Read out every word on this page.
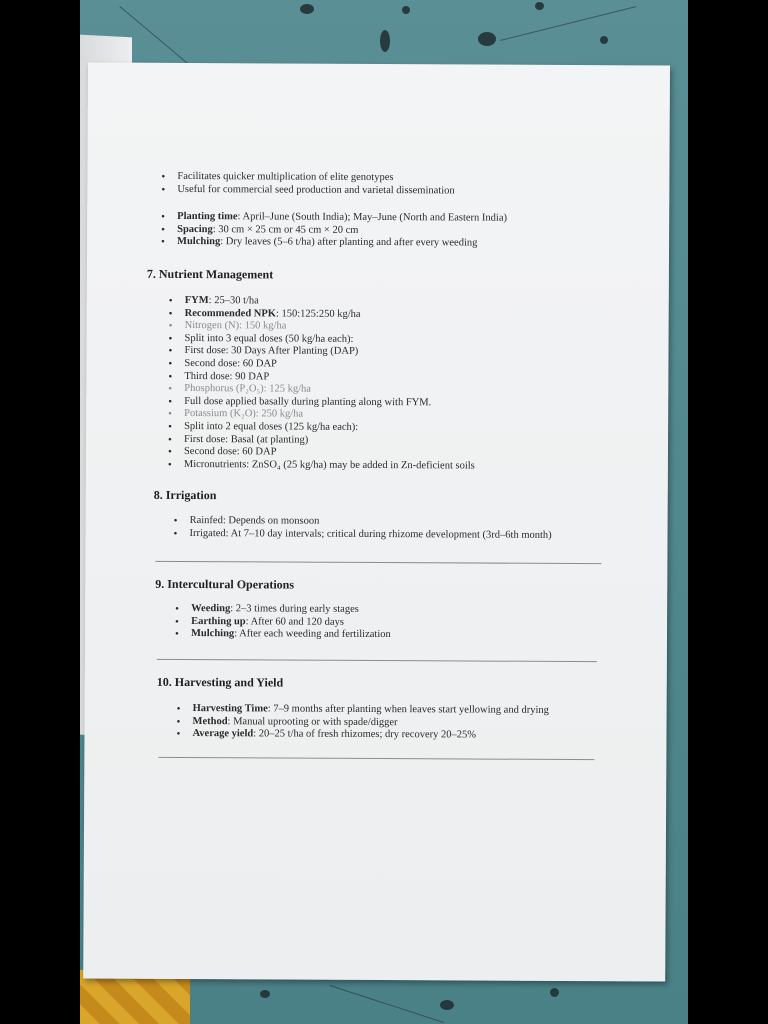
• Facilitates quicker multiplication of elite genotypes
• Useful for commercial seed production and varietal dissemination
• Planting time: April–June (South India); May–June (North and Eastern India)
• Spacing: 30 cm × 25 cm or 45 cm × 20 cm
• Mulching: Dry leaves (5–6 t/ha) after planting and after every weeding
7. Nutrient Management
• FYM: 25–30 t/ha
• Recommended NPK: 150:125:250 kg/ha
• Nitrogen (N): 150 kg/ha
• Split into 3 equal doses (50 kg/ha each):
• First dose: 30 Days After Planting (DAP)
• Second dose: 60 DAP
• Third dose: 90 DAP
• Phosphorus (P₂O₅): 125 kg/ha
• Full dose applied basally during planting along with FYM.
• Potassium (K₂O): 250 kg/ha
• Split into 2 equal doses (125 kg/ha each):
• First dose: Basal (at planting)
• Second dose: 60 DAP
• Micronutrients: ZnSO₄ (25 kg/ha) may be added in Zn-deficient soils
8. Irrigation
• Rainfed: Depends on monsoon
• Irrigated: At 7–10 day intervals; critical during rhizome development (3rd–6th month)
9. Intercultural Operations
• Weeding: 2–3 times during early stages
• Earthing up: After 60 and 120 days
• Mulching: After each weeding and fertilization
10. Harvesting and Yield
• Harvesting Time: 7–9 months after planting when leaves start yellowing and drying
• Method: Manual uprooting or with spade/digger
• Average yield: 20–25 t/ha of fresh rhizomes; dry recovery 20–25%
